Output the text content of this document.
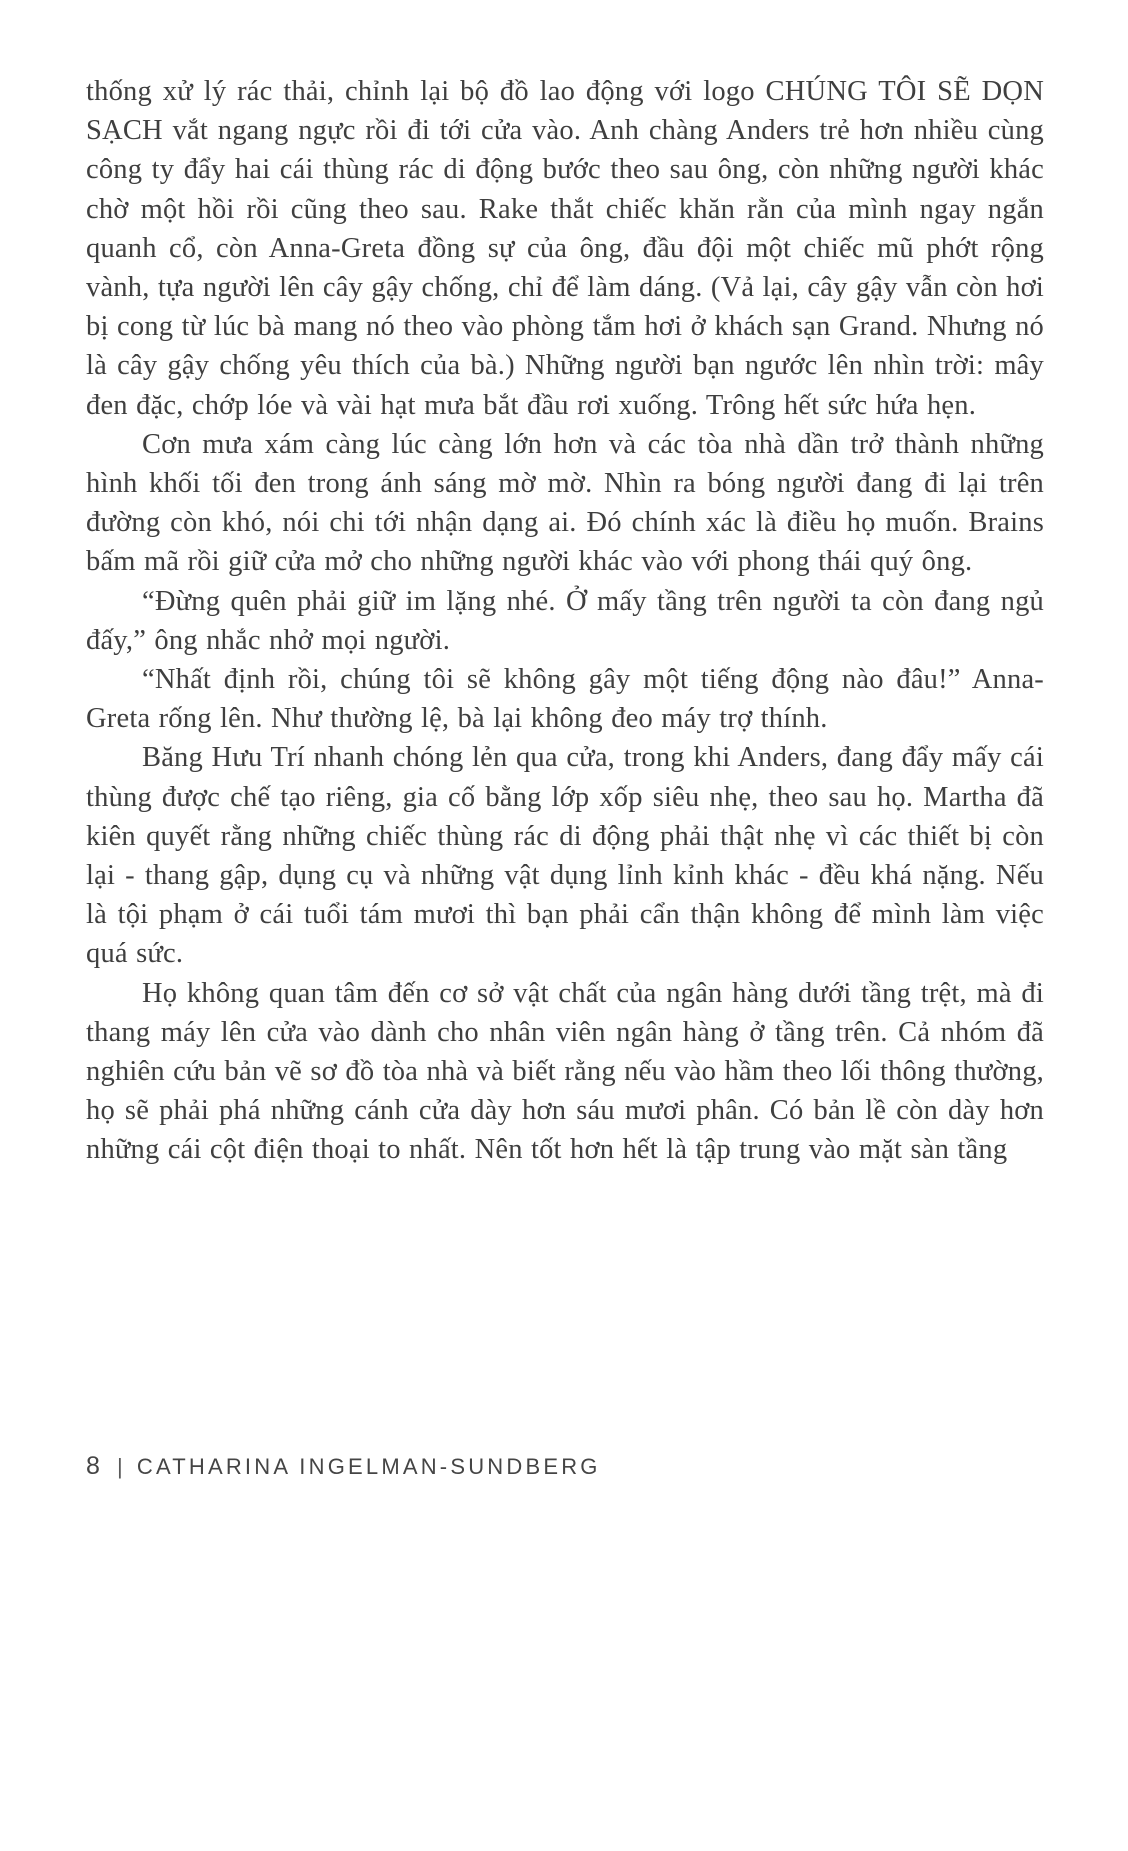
thống xử lý rác thải, chỉnh lại bộ đồ lao động với logo CHÚNG TÔI SẼ DỌN SẠCH vắt ngang ngực rồi đi tới cửa vào. Anh chàng Anders trẻ hơn nhiều cùng công ty đẩy hai cái thùng rác di động bước theo sau ông, còn những người khác chờ một hồi rồi cũng theo sau. Rake thắt chiếc khăn rằn của mình ngay ngắn quanh cổ, còn Anna-Greta đồng sự của ông, đầu đội một chiếc mũ phớt rộng vành, tựa người lên cây gậy chống, chỉ để làm dáng. (Vả lại, cây gậy vẫn còn hơi bị cong từ lúc bà mang nó theo vào phòng tắm hơi ở khách sạn Grand. Nhưng nó là cây gậy chống yêu thích của bà.) Những người bạn ngước lên nhìn trời: mây đen đặc, chớp lóe và vài hạt mưa bắt đầu rơi xuống. Trông hết sức hứa hẹn.

Cơn mưa xám càng lúc càng lớn hơn và các tòa nhà dần trở thành những hình khối tối đen trong ánh sáng mờ mờ. Nhìn ra bóng người đang đi lại trên đường còn khó, nói chi tới nhận dạng ai. Đó chính xác là điều họ muốn. Brains bấm mã rồi giữ cửa mở cho những người khác vào với phong thái quý ông.

“Đừng quên phải giữ im lặng nhé. Ở mấy tầng trên người ta còn đang ngủ đấy,” ông nhắc nhở mọi người.

“Nhất định rồi, chúng tôi sẽ không gây một tiếng động nào đâu!” Anna-Greta rống lên. Như thường lệ, bà lại không đeo máy trợ thính.

Băng Hưu Trí nhanh chóng lẻn qua cửa, trong khi Anders, đang đẩy mấy cái thùng được chế tạo riêng, gia cố bằng lớp xốp siêu nhẹ, theo sau họ. Martha đã kiên quyết rằng những chiếc thùng rác di động phải thật nhẹ vì các thiết bị còn lại - thang gập, dụng cụ và những vật dụng lỉnh kỉnh khác - đều khá nặng. Nếu là tội phạm ở cái tuổi tám mươi thì bạn phải cẩn thận không để mình làm việc quá sức.

Họ không quan tâm đến cơ sở vật chất của ngân hàng dưới tầng trệt, mà đi thang máy lên cửa vào dành cho nhân viên ngân hàng ở tầng trên. Cả nhóm đã nghiên cứu bản vẽ sơ đồ tòa nhà và biết rằng nếu vào hầm theo lối thông thường, họ sẽ phải phá những cánh cửa dày hơn sáu mươi phân. Có bản lề còn dày hơn những cái cột điện thoại to nhất. Nên tốt hơn hết là tập trung vào mặt sàn tầng

8 | CATHARINA INGELMAN-SUNDBERG
